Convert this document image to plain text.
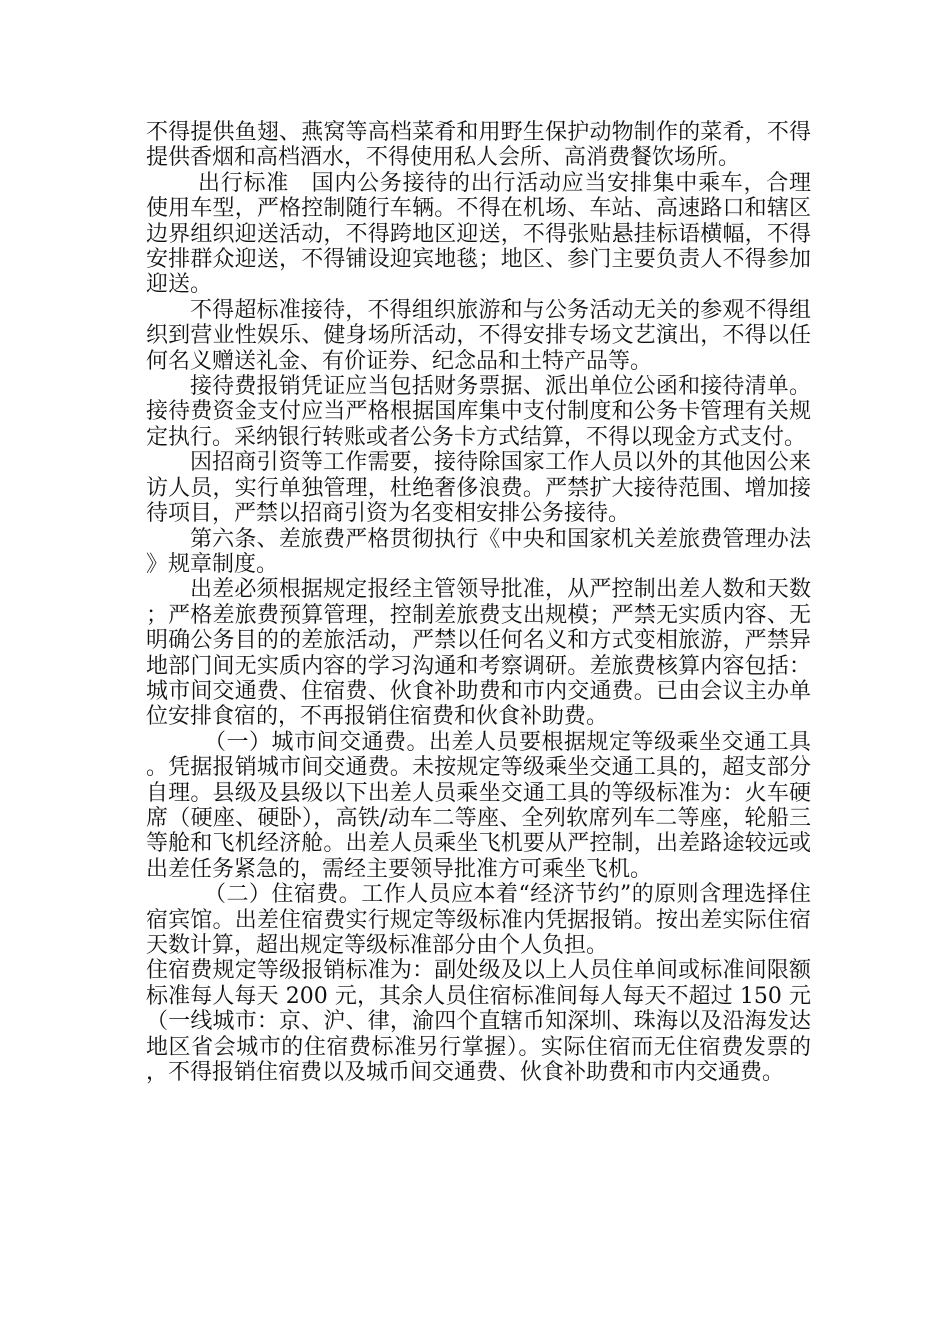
不得提供鱼翅、燕窝等高档菜肴和用野生保护动物制作的菜肴，不得提供香烟和高档酒水，不得使用私人会所、高消费餐饮场所。

出行标准　国内公务接待的出行活动应当安排集中乘车，合理使用车型，严格控制随行车辆。不得在机场、车站、高速路口和辖区边界组织迎送活动，不得跨地区迎送，不得张贴悬挂标语横幅，不得安排群众迎送，不得铺设迎宾地毯；地区、参门主要负责人不得参加迎送。

不得超标准接待，不得组织旅游和与公务活动无关的参观不得组织到营业性娱乐、健身场所活动，不得安排专场文艺演出，不得以任何名义赠送礼金、有价证券、纪念品和土特产品等。

接待费报销凭证应当包括财务票据、派出单位公函和接待清单。接待费资金支付应当严格根据国库集中支付制度和公务卡管理有关规定执行。采纳银行转账或者公务卡方式结算，不得以现金方式支付。

因招商引资等工作需要，接待除国家工作人员以外的其他因公来访人员，实行单独管理，杜绝奢侈浪费。严禁扩大接待范围、增加接待项目，严禁以招商引资为名变相安排公务接待。

第六条、差旅费严格贯彻执行《中央和国家机关差旅费管理办法》规章制度。

出差必须根据规定报经主管领导批准，从严控制出差人数和天数；严格差旅费预算管理，控制差旅费支出规模；严禁无实质内容、无明确公务目的的差旅活动，严禁以任何名义和方式变相旅游，严禁异地部门间无实质内容的学习沟通和考察调研。差旅费核算内容包括：城市间交通费、住宿费、伙食补助费和市内交通费。已由会议主办单位安排食宿的，不再报销住宿费和伙食补助费。

（一）城市间交通费。出差人员要根据规定等级乘坐交通工具。凭据报销城市间交通费。未按规定等级乘坐交通工具的，超支部分自理。县级及县级以下出差人员乘坐交通工具的等级标准为：火车硬席（硬座、硬卧），高铁/动车二等座、全列软席列车二等座，轮船三等舱和飞机经济舱。出差人员乘坐飞机要从严控制，出差路途较远或出差任务紧急的，需经主要领导批准方可乘坐飞机。

（二）住宿费。工作人员应本着“经济节约”的原则含理选择住宿宾馆。出差住宿费实行规定等级标准内凭据报销。按出差实际住宿天数计算，超出规定等级标准部分由个人负担。

住宿费规定等级报销标准为：副处级及以上人员住单间或标准间限额标准每人每天 200 元，其余人员住宿标准间每人每天不超过 150 元（一线城市：京、沪、律，渝四个直辖币知深圳、珠海以及沿海发达地区省会城市的住宿费标准另行掌握）。实际住宿而无住宿费发票的，不得报销住宿费以及城币间交通费、伙食补助费和市内交通费。
